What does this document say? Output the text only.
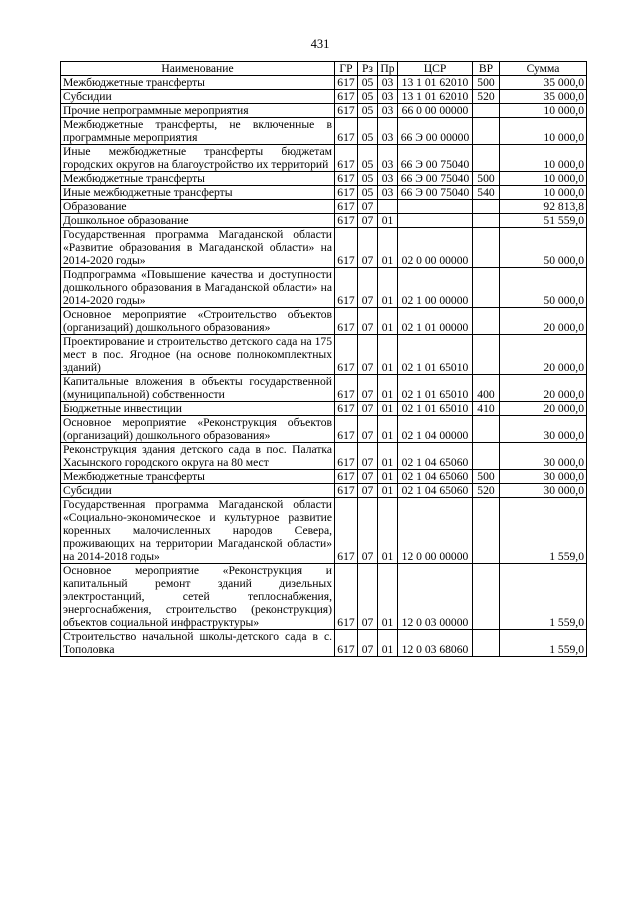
431
Наименование	ГР	Рз	Пр	ЦСР	ВР	Сумма
Межбюджетные трансферты	617	05	03	13 1 01 62010	500	35 000,0
Субсидии	617	05	03	13 1 01 62010	520	35 000,0
Прочие непрограммные мероприятия	617	05	03	66 0 00 00000		10 000,0
Межбюджетные трансферты, не включенные в программные мероприятия	617	05	03	66 Э 00 00000		10 000,0
Иные межбюджетные трансферты бюджетам городских округов на благоустройство их территорий	617	05	03	66 Э 00 75040		10 000,0
Межбюджетные трансферты	617	05	03	66 Э 00 75040	500	10 000,0
Иные межбюджетные трансферты	617	05	03	66 Э 00 75040	540	10 000,0
Образование	617	07				92 813,8
Дошкольное образование	617	07	01			51 559,0
Государственная программа Магаданской области «Развитие образования в Магаданской области» на 2014-2020 годы»	617	07	01	02 0 00 00000		50 000,0
Подпрограмма «Повышение качества и доступности дошкольного образования в Магаданской области» на 2014-2020 годы»	617	07	01	02 1 00 00000		50 000,0
Основное мероприятие «Строительство объектов (организаций) дошкольного образования»	617	07	01	02 1 01 00000		20 000,0
Проектирование и строительство детского сада на 175 мест в пос. Ягодное (на основе полнокомплектных зданий)	617	07	01	02 1 01 65010		20 000,0
Капитальные вложения в объекты государственной (муниципальной) собственности	617	07	01	02 1 01 65010	400	20 000,0
Бюджетные инвестиции	617	07	01	02 1 01 65010	410	20 000,0
Основное мероприятие «Реконструкция объектов (организаций) дошкольного образования»	617	07	01	02 1 04 00000		30 000,0
Реконструкция здания детского сада в пос. Палатка Хасынского городского округа на 80 мест	617	07	01	02 1 04 65060		30 000,0
Межбюджетные трансферты	617	07	01	02 1 04 65060	500	30 000,0
Субсидии	617	07	01	02 1 04 65060	520	30 000,0
Государственная программа Магаданской области «Социально-экономическое и культурное развитие коренных малочисленных народов Севера, проживающих на территории Магаданской области» на 2014-2018 годы»	617	07	01	12 0 00 00000		1 559,0
Основное мероприятие «Реконструкция и капитальный ремонт зданий дизельных электростанций, сетей теплоснабжения, энергоснабжения, строительство (реконструкция) объектов социальной инфраструктуры»	617	07	01	12 0 03 00000		1 559,0
Строительство начальной школы-детского сада в с. Тополовка	617	07	01	12 0 03 68060		1 559,0
